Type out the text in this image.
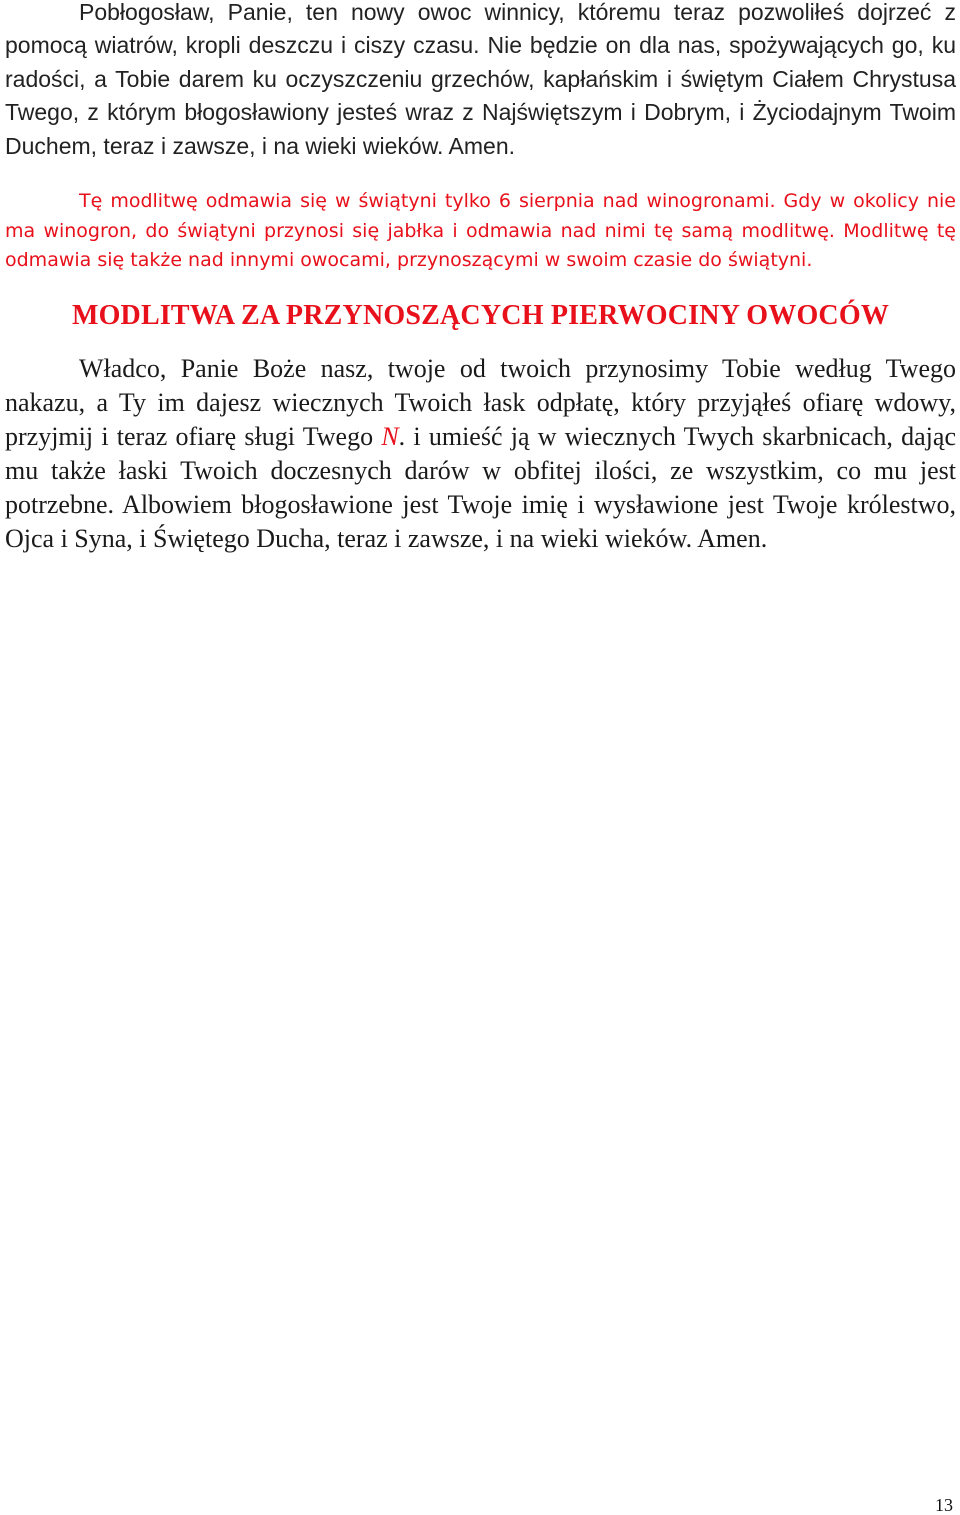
Pobłogosław, Panie, ten nowy owoc winnicy, któremu teraz pozwoliłeś dojrzeć z pomocą wiatrów, kropli deszczu i ciszy czasu. Nie będzie on dla nas, spożywających go, ku radości, a Tobie darem ku oczyszczeniu grzechów, kapłańskim i świętym Ciałem Chrystusa Twego, z którym błogosławiony jesteś wraz z Najświętszym i Dobrym, i Życiodajnym Twoim Duchem, teraz i zawsze, i na wieki wieków. Amen.

Tę modlitwę odmawia się w świątyni tylko 6 sierpnia nad winogronami. Gdy w okolicy nie ma winogron, do świątyni przynosi się jabłka i odmawia nad nimi tę samą modlitwę. Modlitwę tę odmawia się także nad innymi owocami, przynoszącymi w swoim czasie do świątyni.

MODLITWA ZA PRZYNOSZĄCYCH PIERWOCINY OWOCÓW

Władco, Panie Boże nasz, twoje od twoich przynosimy Tobie według Twego nakazu, a Ty im dajesz wiecznych Twoich łask odpłatę, który przyjąłeś ofiarę wdowy, przyjmij i teraz ofiarę sługi Twego N. i umieść ją w wiecznych Twych skarbnicach, dając mu także łaski Twoich doczesnych darów w obfitej ilości, ze wszystkim, co mu jest potrzebne. Albowiem błogosławione jest Twoje imię i wysławione jest Twoje królestwo, Ojca i Syna, i Świętego Ducha, teraz i zawsze, i na wieki wieków. Amen.

13
